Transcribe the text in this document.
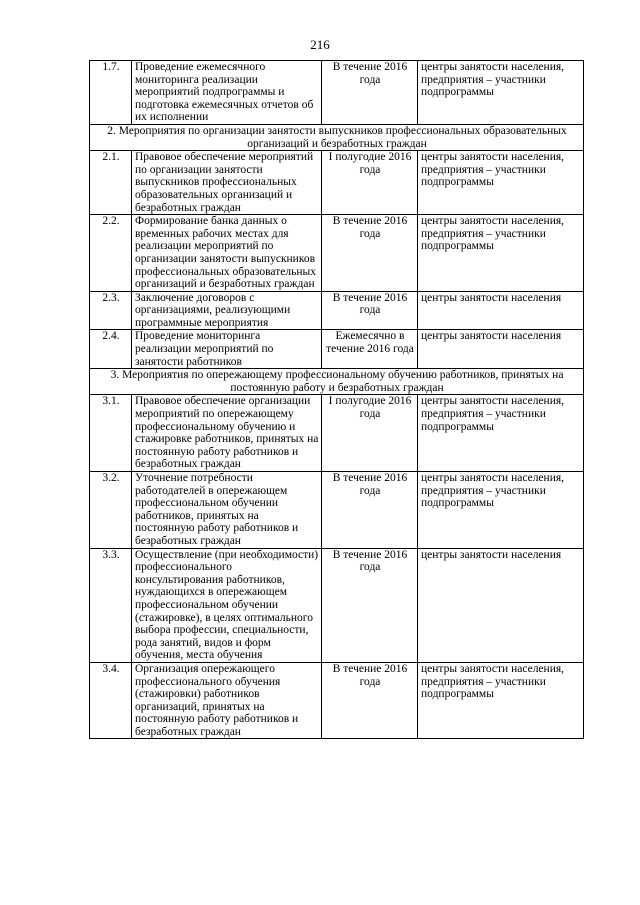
216
1.7.	Проведение ежемесячного мониторинга реализации мероприятий подпрограммы и подготовка ежемесячных отчетов об их исполнении	В течение 2016 года	центры занятости населения, предприятия – участники подпрограммы
2. Мероприятия по организации занятости выпускников профессиональных образовательных организаций и безработных граждан			
2.1.	Правовое обеспечение мероприятий по организации занятости выпускников профессиональных образовательных организаций и безработных граждан	I полугодие 2016 года	центры занятости населения, предприятия – участники подпрограммы
2.2.	Формирование банка данных о временных рабочих местах для реализации мероприятий по организации занятости выпускников профессиональных образовательных организаций и безработных граждан	В течение 2016 года	центры занятости населения, предприятия – участники подпрограммы
2.3.	Заключение договоров с организациями, реализующими программные мероприятия	В течение 2016 года	центры занятости населения
2.4.	Проведение мониторинга реализации мероприятий по занятости работников	Ежемесячно в течение 2016 года	центры занятости населения
3. Мероприятия по опережающему профессиональному обучению работников, принятых на постоянную работу и безработных граждан			
3.1.	Правовое обеспечение организации мероприятий по опережающему профессиональному обучению и стажировке работников, принятых на постоянную работу работников и безработных граждан	I полугодие 2016 года	центры занятости населения, предприятия – участники подпрограммы
3.2.	Уточнение потребности работодателей в опережающем профессиональном обучении работников, принятых на постоянную работу работников и безработных граждан	В течение 2016 года	центры занятости населения, предприятия – участники подпрограммы
3.3.	Осуществление (при необходимости) профессионального консультирования работников, нуждающихся в опережающем профессиональном обучении (стажировке), в целях оптимального выбора профессии, специальности, рода занятий, видов и форм обучения, места обучения	В течение 2016 года	центры занятости населения
3.4.	Организация опережающего профессионального обучения (стажировки) работников организаций, принятых на постоянную работу работников и безработных граждан	В течение 2016 года	центры занятости населения, предприятия – участники подпрограммы
